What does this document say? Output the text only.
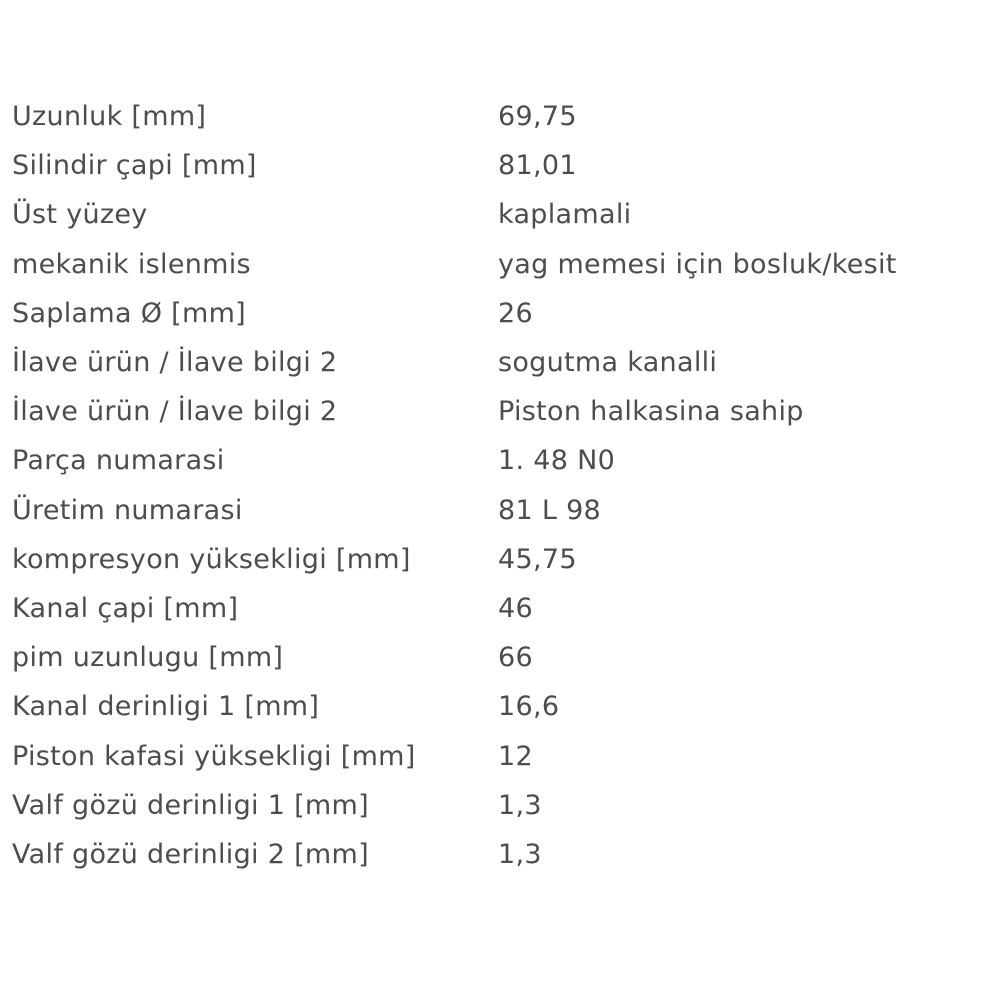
Uzunluk [mm]	69,75
Silindir çapi [mm]	81,01
Üst yüzey	kaplamali
mekanik islenmis	yag memesi için bosluk/kesit
Saplama Ø [mm]	26
İlave ürün / İlave bilgi 2	sogutma kanalli
İlave ürün / İlave bilgi 2	Piston halkasina sahip
Parça numarasi	1. 48 N0
Üretim numarasi	81 L 98
kompresyon yüksekligi [mm]	45,75
Kanal çapi [mm]	46
pim uzunlugu [mm]	66
Kanal derinligi 1 [mm]	16,6
Piston kafasi yüksekligi [mm]	12
Valf gözü derinligi 1 [mm]	1,3
Valf gözü derinligi 2 [mm]	1,3
